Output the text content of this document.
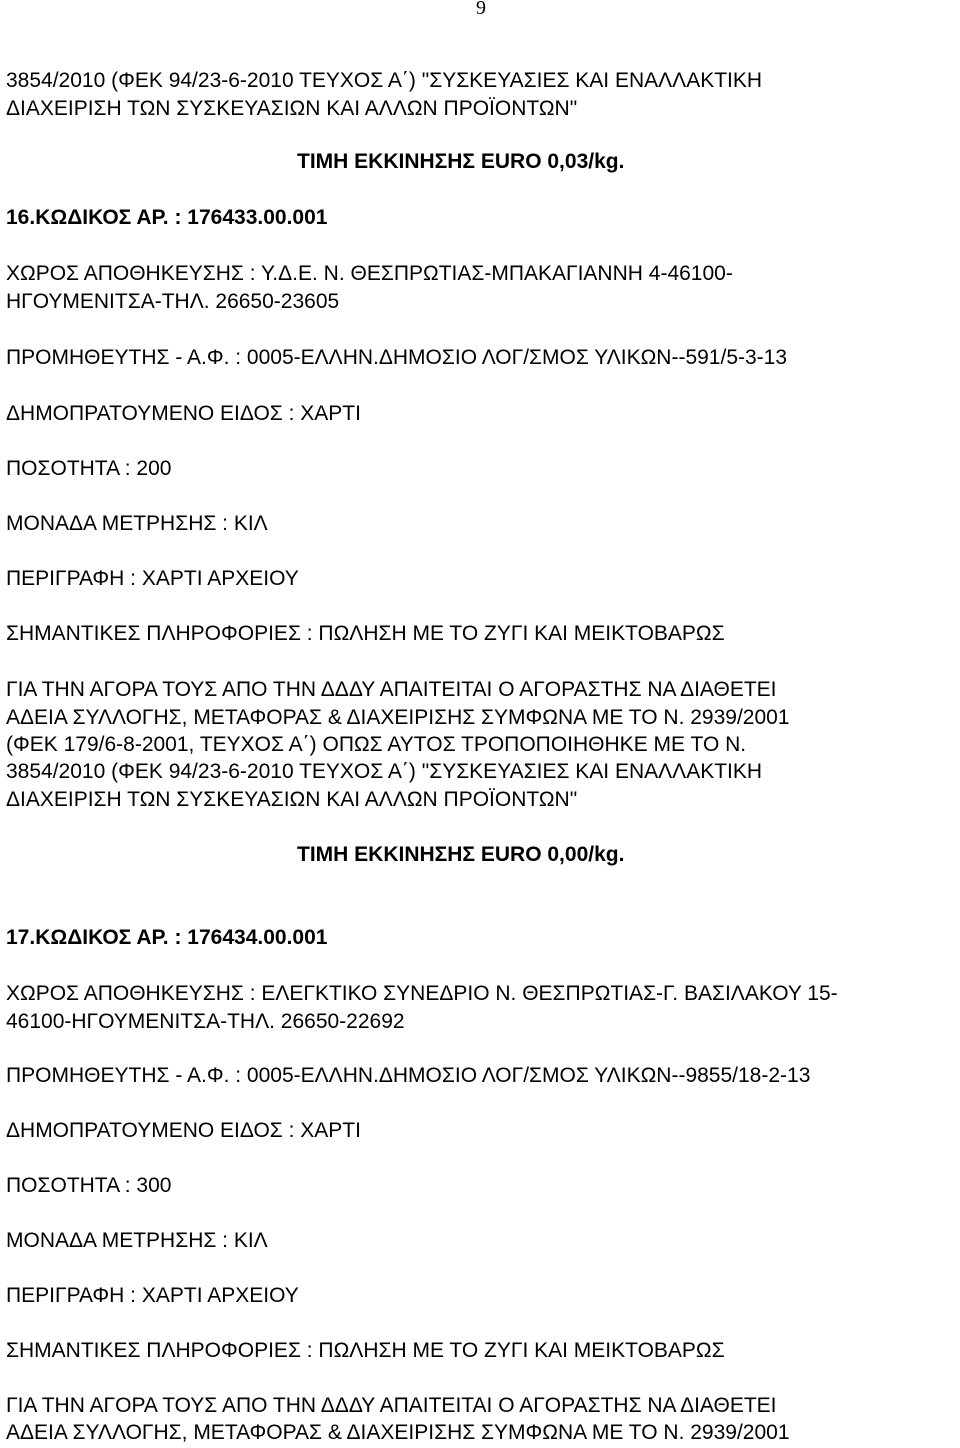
9
3854/2010 (ΦΕΚ 94/23-6-2010 ΤΕΥΧΟΣ Α΄) "ΣΥΣΚΕΥΑΣΙΕΣ ΚΑΙ ΕΝΑΛΛΑΚΤΙΚΗ
ΔΙΑΧΕΙΡΙΣΗ ΤΩΝ ΣΥΣΚΕΥΑΣΙΩΝ ΚΑΙ ΑΛΛΩΝ ΠΡΟΪΟΝΤΩΝ"
ΤΙΜΗ ΕΚΚΙΝΗΣΗΣ EURO 0,03/kg.
16.ΚΩΔΙΚΟΣ ΑΡ. : 176433.00.001
ΧΩΡΟΣ ΑΠΟΘΗΚΕΥΣΗΣ : Υ.Δ.Ε. Ν. ΘΕΣΠΡΩΤΙΑΣ-ΜΠΑΚΑΓΙΑΝΝΗ 4-46100-
ΗΓΟΥΜΕΝΙΤΣΑ-ΤΗΛ. 26650-23605
ΠΡΟΜΗΘΕΥΤΗΣ - Α.Φ. : 0005-ΕΛΛΗΝ.ΔΗΜΟΣΙΟ ΛΟΓ/ΣΜΟΣ ΥΛΙΚΩΝ--591/5-3-13
ΔΗΜΟΠΡΑΤΟΥΜΕΝΟ ΕΙΔΟΣ : ΧΑΡΤΙ
ΠΟΣΟΤΗΤΑ : 200
ΜΟΝΑΔΑ ΜΕΤΡΗΣΗΣ : ΚΙΛ
ΠΕΡΙΓΡΑΦΗ : ΧΑΡΤΙ ΑΡΧΕΙΟΥ
ΣΗΜΑΝΤΙΚΕΣ ΠΛΗΡΟΦΟΡΙΕΣ : ΠΩΛΗΣΗ ΜΕ ΤΟ ΖΥΓΙ ΚΑΙ ΜΕΙΚΤΟΒΑΡΩΣ
ΓΙΑ ΤΗΝ ΑΓΟΡΑ ΤΟΥΣ ΑΠΟ ΤΗΝ ΔΔΔΥ ΑΠΑΙΤΕΙΤΑΙ Ο ΑΓΟΡΑΣΤΗΣ ΝΑ ΔΙΑΘΕΤΕΙ
ΑΔΕΙΑ ΣΥΛΛΟΓΗΣ, ΜΕΤΑΦΟΡΑΣ & ΔΙΑΧΕΙΡΙΣΗΣ ΣΥΜΦΩΝΑ ΜΕ ΤΟ Ν. 2939/2001
(ΦΕΚ 179/6-8-2001, ΤΕΥΧΟΣ Α΄) ΟΠΩΣ ΑΥΤΟΣ ΤΡΟΠΟΠΟΙΗΘΗΚΕ ΜΕ ΤΟ Ν.
3854/2010 (ΦΕΚ 94/23-6-2010 ΤΕΥΧΟΣ Α΄) "ΣΥΣΚΕΥΑΣΙΕΣ ΚΑΙ ΕΝΑΛΛΑΚΤΙΚΗ
ΔΙΑΧΕΙΡΙΣΗ ΤΩΝ ΣΥΣΚΕΥΑΣΙΩΝ ΚΑΙ ΑΛΛΩΝ ΠΡΟΪΟΝΤΩΝ"
ΤΙΜΗ ΕΚΚΙΝΗΣΗΣ EURO 0,00/kg.
17.ΚΩΔΙΚΟΣ ΑΡ. : 176434.00.001
ΧΩΡΟΣ ΑΠΟΘΗΚΕΥΣΗΣ : ΕΛΕΓΚΤΙΚΟ ΣΥΝΕΔΡΙΟ Ν. ΘΕΣΠΡΩΤΙΑΣ-Γ. ΒΑΣΙΛΑΚΟΥ 15-
46100-ΗΓΟΥΜΕΝΙΤΣΑ-ΤΗΛ. 26650-22692
ΠΡΟΜΗΘΕΥΤΗΣ - Α.Φ. : 0005-ΕΛΛΗΝ.ΔΗΜΟΣΙΟ ΛΟΓ/ΣΜΟΣ ΥΛΙΚΩΝ--9855/18-2-13
ΔΗΜΟΠΡΑΤΟΥΜΕΝΟ ΕΙΔΟΣ : ΧΑΡΤΙ
ΠΟΣΟΤΗΤΑ : 300
ΜΟΝΑΔΑ ΜΕΤΡΗΣΗΣ : ΚΙΛ
ΠΕΡΙΓΡΑΦΗ : ΧΑΡΤΙ ΑΡΧΕΙΟΥ
ΣΗΜΑΝΤΙΚΕΣ ΠΛΗΡΟΦΟΡΙΕΣ : ΠΩΛΗΣΗ ΜΕ ΤΟ ΖΥΓΙ ΚΑΙ ΜΕΙΚΤΟΒΑΡΩΣ
ΓΙΑ ΤΗΝ ΑΓΟΡΑ ΤΟΥΣ ΑΠΟ ΤΗΝ ΔΔΔΥ ΑΠΑΙΤΕΙΤΑΙ Ο ΑΓΟΡΑΣΤΗΣ ΝΑ ΔΙΑΘΕΤΕΙ
ΑΔΕΙΑ ΣΥΛΛΟΓΗΣ, ΜΕΤΑΦΟΡΑΣ & ΔΙΑΧΕΙΡΙΣΗΣ ΣΥΜΦΩΝΑ ΜΕ ΤΟ Ν. 2939/2001
